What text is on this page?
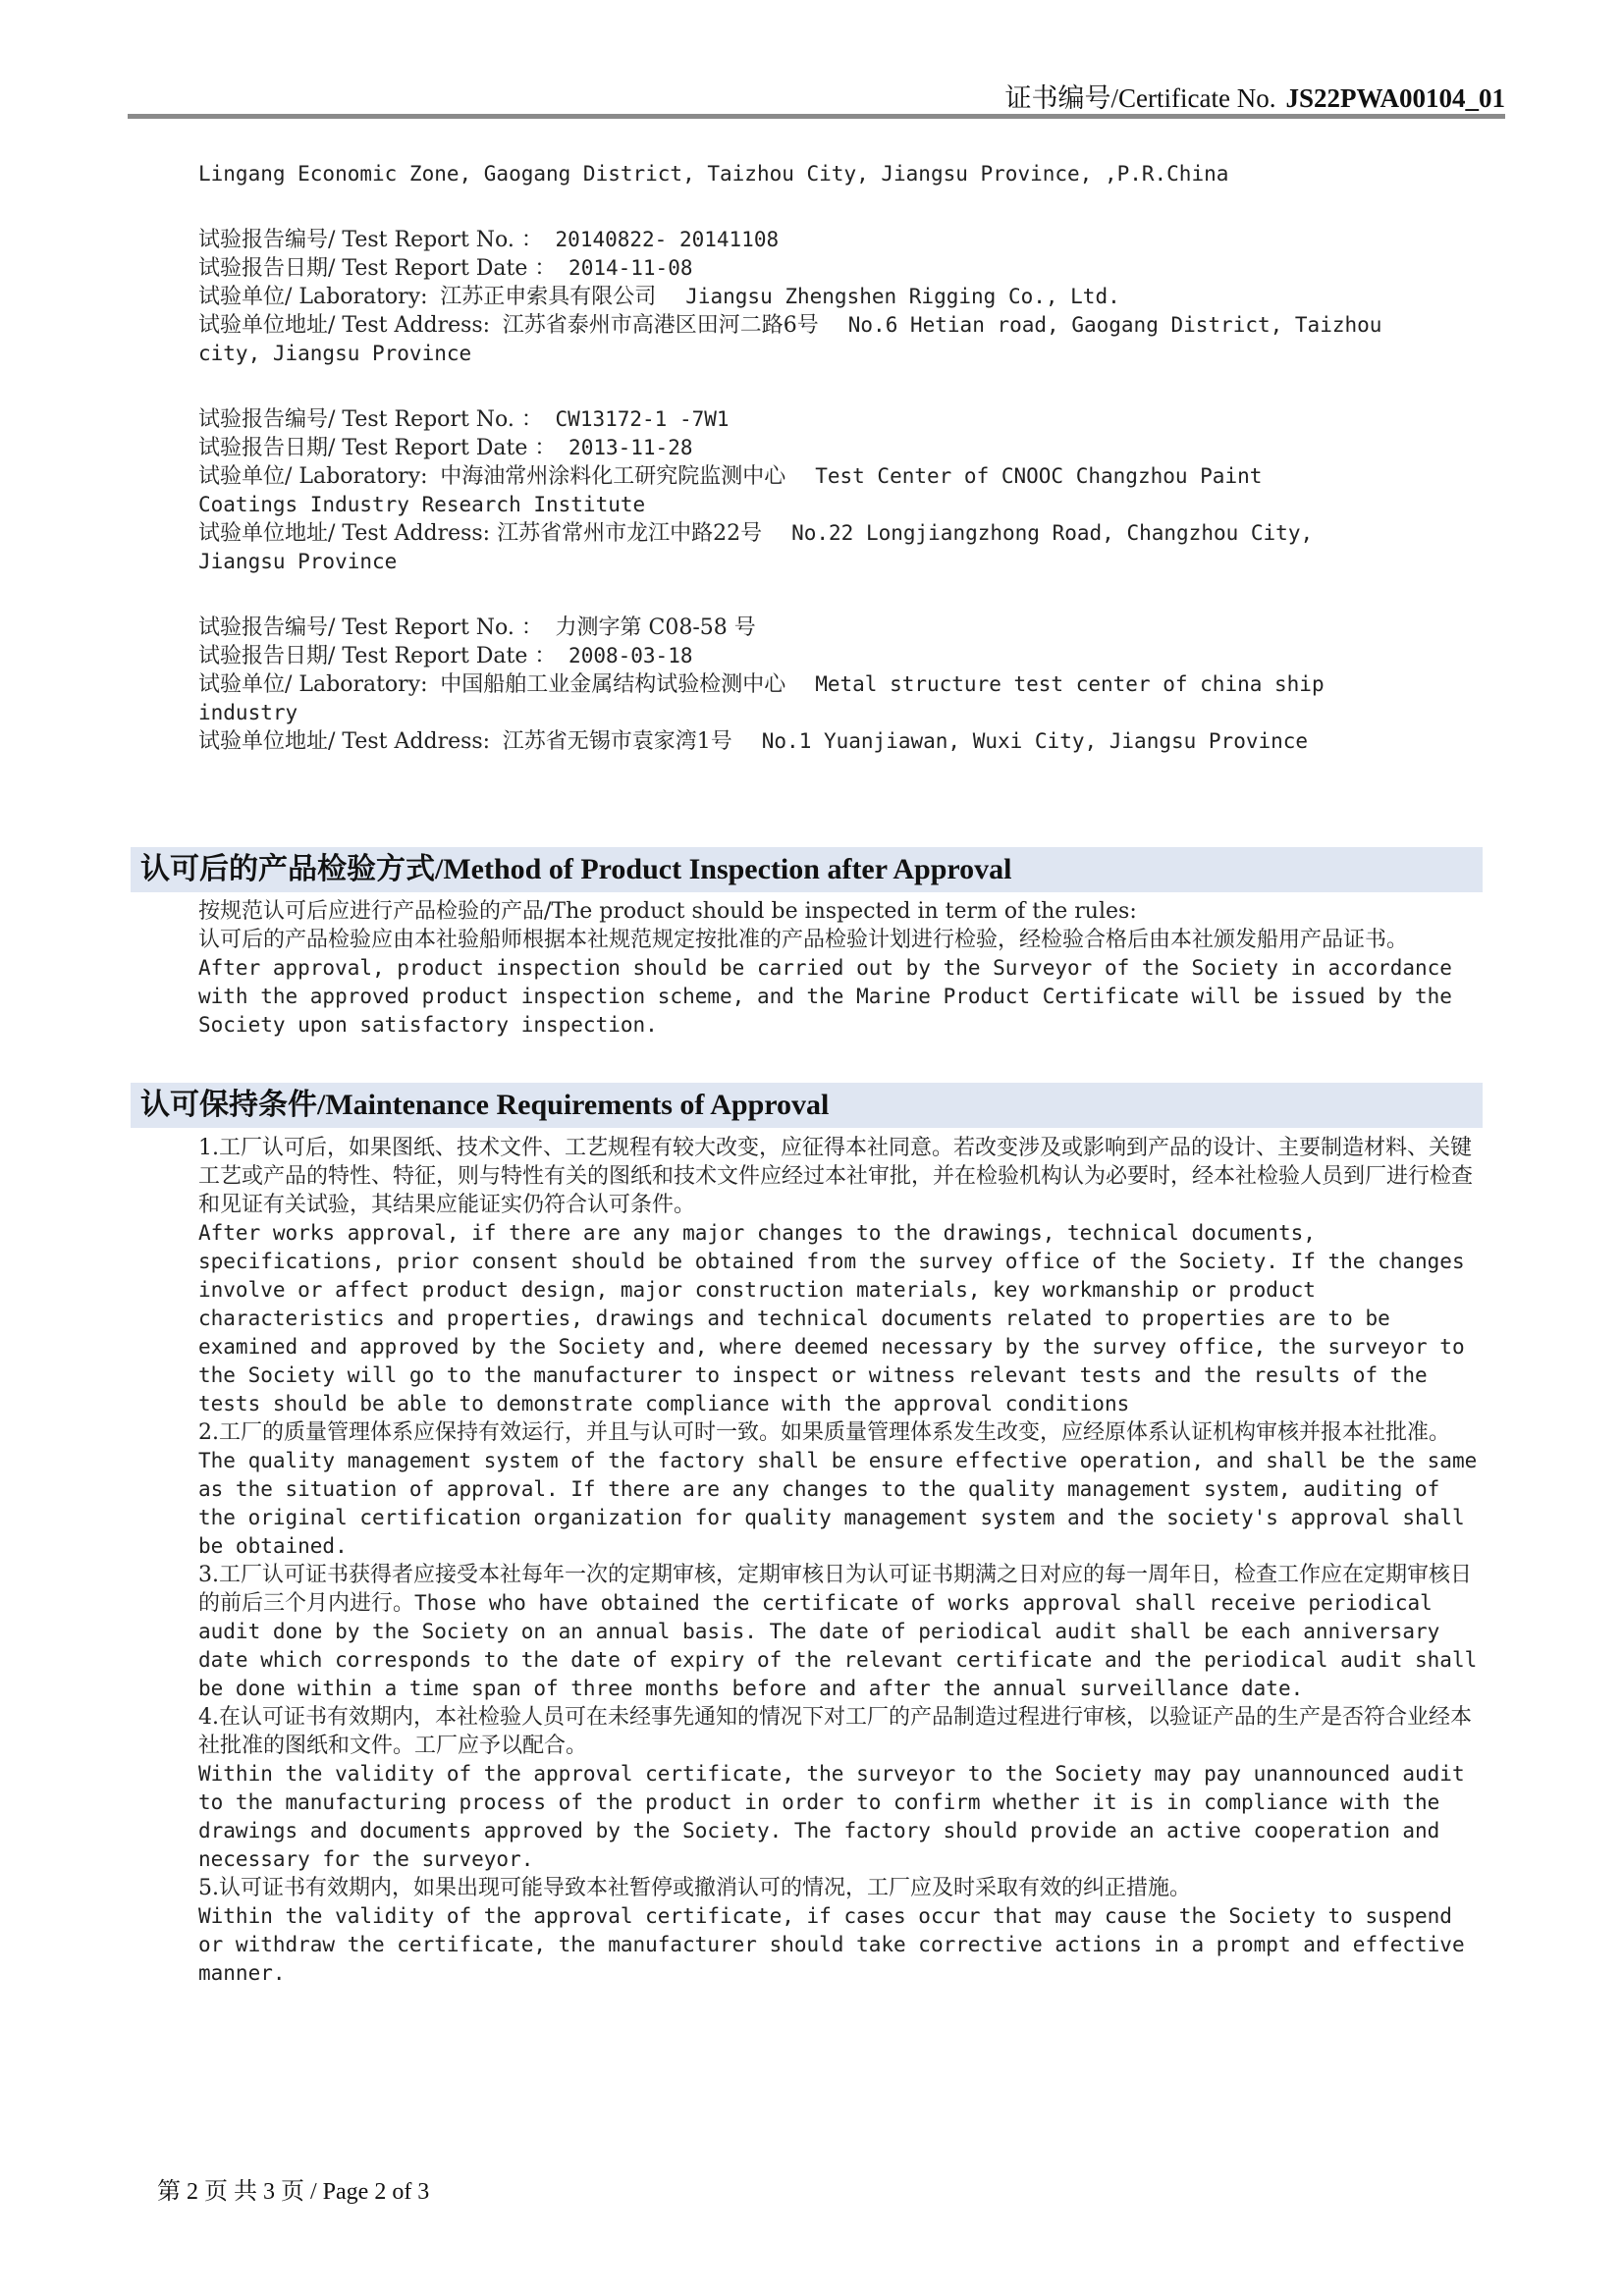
证书编号/Certificate No. JS22PWA00104_01
Lingang Economic Zone, Gaogang District, Taizhou City, Jiangsu Province, ,P.R.China
试验报告编号/ Test Report No. ： 20140822- 20141108
试验报告日期/ Test Report Date ： 2014-11-08
试验单位/ Laboratory: 江苏正申索具有限公司 Jiangsu Zhengshen Rigging Co., Ltd.
试验单位地址/ Test Address: 江苏省泰州市高港区田河二路6号 No.6 Hetian road, Gaogang District, Taizhou
city, Jiangsu Province
试验报告编号/ Test Report No. ： CW13172-1 -7W1
试验报告日期/ Test Report Date ： 2013-11-28
试验单位/ Laboratory: 中海油常州涂料化工研究院监测中心 Test Center of CNOOC Changzhou Paint
Coatings Industry Research Institute
试验单位地址/ Test Address: 江苏省常州市龙江中路22号 No.22 Longjiangzhong Road, Changzhou City,
Jiangsu Province
试验报告编号/ Test Report No. ： 力测字第 C08-58 号
试验报告日期/ Test Report Date ： 2008-03-18
试验单位/ Laboratory: 中国船舶工业金属结构试验检测中心 Metal structure test center of china ship
industry
试验单位地址/ Test Address: 江苏省无锡市袁家湾1号 No.1 Yuanjiawan, Wuxi City, Jiangsu Province
认可后的产品检验方式/Method of Product Inspection after Approval
按规范认可后应进行产品检验的产品/The product should be inspected in term of the rules:
认可后的产品检验应由本社验船师根据本社规范规定按批准的产品检验计划进行检验，经检验合格后由本社颁发船用产品证书。
After approval, product inspection should be carried out by the Surveyor of the Society in accordance with the approved product inspection scheme, and the Marine Product Certificate will be issued by the Society upon satisfactory inspection.
认可保持条件/Maintenance Requirements of Approval
1.工厂认可后，如果图纸、技术文件、工艺规程有较大改变，应征得本社同意。若改变涉及或影响到产品的设计、主要制造材料、关键工艺或产品的特性、特征，则与特性有关的图纸和技术文件应经过本社审批，并在检验机构认为必要时，经本社检验人员到厂进行检查和见证有关试验，其结果应能证实仍符合认可条件。
After works approval, if there are any major changes to the drawings, technical documents, specifications, prior consent should be obtained from the survey office of the Society. If the changes involve or affect product design, major construction materials, key workmanship or product characteristics and properties, drawings and technical documents related to properties are to be examined and approved by the Society and, where deemed necessary by the survey office, the surveyor to the Society will go to the manufacturer to inspect or witness relevant tests and the results of the tests should be able to demonstrate compliance with the approval conditions
2.工厂的质量管理体系应保持有效运行，并且与认可时一致。如果质量管理体系发生改变，应经原体系认证机构审核并报本社批准。
The quality management system of the factory shall be ensure effective operation, and shall be the same as the situation of approval. If there are any changes to the quality management system, auditing of the original certification organization for quality management system and the society's approval shall be obtained.
3.工厂认可证书获得者应接受本社每年一次的定期审核，定期审核日为认可证书期满之日对应的每一周年日，检查工作应在定期审核日的前后三个月内进行。Those who have obtained the certificate of works approval shall receive periodical audit done by the Society on an annual basis. The date of periodical audit shall be each anniversary date which corresponds to the date of expiry of the relevant certificate and the periodical audit shall be done within a time span of three months before and after the annual surveillance date.
4.在认可证书有效期内，本社检验人员可在未经事先通知的情况下对工厂的产品制造过程进行审核，以验证产品的生产是否符合业经本社批准的图纸和文件。工厂应予以配合。
Within the validity of the approval certificate, the surveyor to the Society may pay unannounced audit to the manufacturing process of the product in order to confirm whether it is in compliance with the drawings and documents approved by the Society. The factory should provide an active cooperation and necessary for the surveyor.
5.认可证书有效期内，如果出现可能导致本社暂停或撤消认可的情况，工厂应及时采取有效的纠正措施。
Within the validity of the approval certificate, if cases occur that may cause the Society to suspend or withdraw the certificate, the manufacturer should take corrective actions in a prompt and effective manner.
第 2 页 共 3 页 / Page 2 of 3
